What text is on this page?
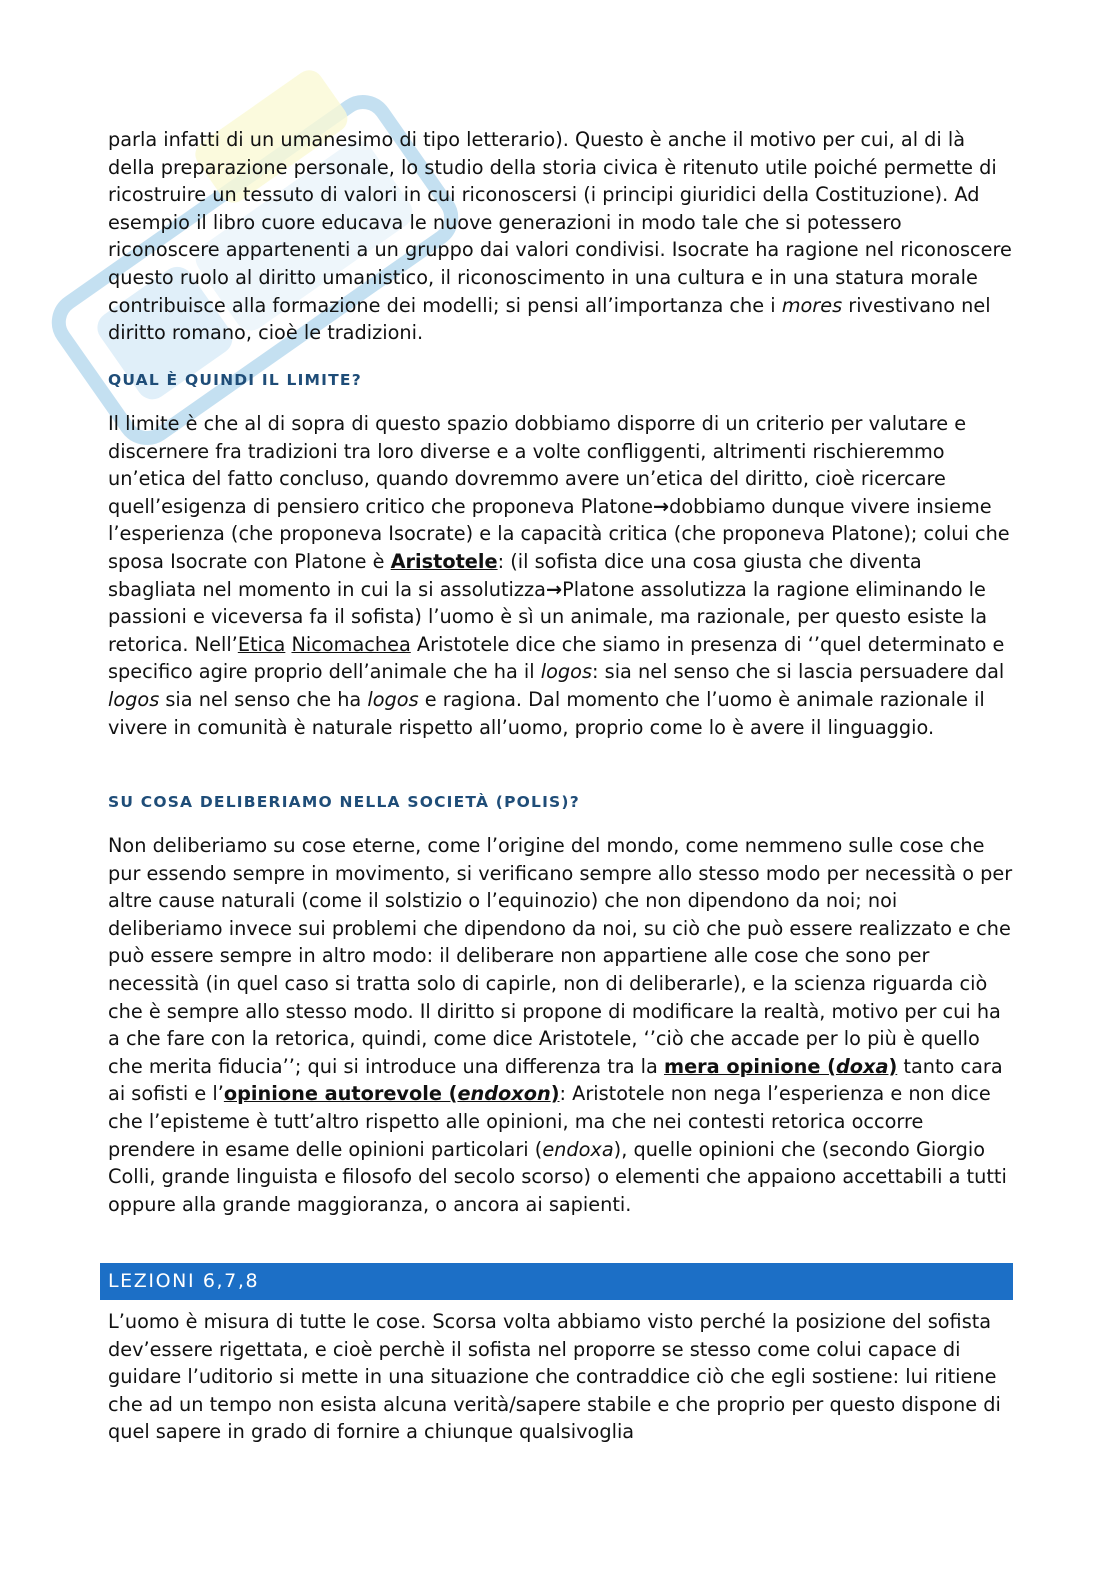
parla infatti di un umanesimo di tipo letterario). Questo è anche il motivo per cui, al di là della preparazione personale, lo studio della storia civica è ritenuto utile poiché permette di ricostruire un tessuto di valori in cui riconoscersi (i principi giuridici della Costituzione). Ad esempio il libro cuore educava le nuove generazioni in modo tale che si potessero riconoscere appartenenti a un gruppo dai valori condivisi. Isocrate ha ragione nel riconoscere questo ruolo al diritto umanistico, il riconoscimento in una cultura e in una statura morale contribuisce alla formazione dei modelli; si pensi all’importanza che i mores rivestivano nel diritto romano, cioè le tradizioni.

QUAL È QUINDI IL LIMITE?

Il limite è che al di sopra di questo spazio dobbiamo disporre di un criterio per valutare e discernere fra tradizioni tra loro diverse e a volte confliggenti, altrimenti rischieremmo un’etica del fatto concluso, quando dovremmo avere un’etica del diritto, cioè ricercare quell’esigenza di pensiero critico che proponeva Platone→dobbiamo dunque vivere insieme l’esperienza (che proponeva Isocrate) e la capacità critica (che proponeva Platone); colui che sposa Isocrate con Platone è Aristotele: (il sofista dice una cosa giusta che diventa sbagliata nel momento in cui la si assolutizza→Platone assolutizza la ragione eliminando le passioni e viceversa fa il sofista) l’uomo è sì un animale, ma razionale, per questo esiste la retorica. Nell’Etica Nicomachea Aristotele dice che siamo in presenza di ‘’quel determinato e specifico agire proprio dell’animale che ha il logos: sia nel senso che si lascia persuadere dal logos sia nel senso che ha logos e ragiona. Dal momento che l’uomo è animale razionale il vivere in comunità è naturale rispetto all’uomo, proprio come lo è avere il linguaggio.

SU COSA DELIBERIAMO NELLA SOCIETÀ (POLIS)?

Non deliberiamo su cose eterne, come l’origine del mondo, come nemmeno sulle cose che pur essendo sempre in movimento, si verificano sempre allo stesso modo per necessità o per altre cause naturali (come il solstizio o l’equinozio) che non dipendono da noi; noi deliberiamo invece sui problemi che dipendono da noi, su ciò che può essere realizzato e che può essere sempre in altro modo: il deliberare non appartiene alle cose che sono per necessità (in quel caso si tratta solo di capirle, non di deliberarle), e la scienza riguarda ciò che è sempre allo stesso modo. Il diritto si propone di modificare la realtà, motivo per cui ha a che fare con la retorica, quindi, come dice Aristotele, ‘’ciò che accade per lo più è quello che merita fiducia’’; qui si introduce una differenza tra la mera opinione (doxa) tanto cara ai sofisti e l’opinione autorevole (endoxon): Aristotele non nega l’esperienza e non dice che l’episteme è tutt’altro rispetto alle opinioni, ma che nei contesti retorica occorre prendere in esame delle opinioni particolari (endoxa), quelle opinioni che (secondo Giorgio Colli, grande linguista e filosofo del secolo scorso) o elementi che appaiono accettabili a tutti oppure alla grande maggioranza, o ancora ai sapienti.

LEZIONI 6,7,8

L’uomo è misura di tutte le cose. Scorsa volta abbiamo visto perché la posizione del sofista dev’essere rigettata, e cioè perchè il sofista nel proporre se stesso come colui capace di guidare l’uditorio si mette in una situazione che contraddice ciò che egli sostiene: lui ritiene che ad un tempo non esista alcuna verità/sapere stabile e che proprio per questo dispone di quel sapere in grado di fornire a chiunque qualsivoglia
